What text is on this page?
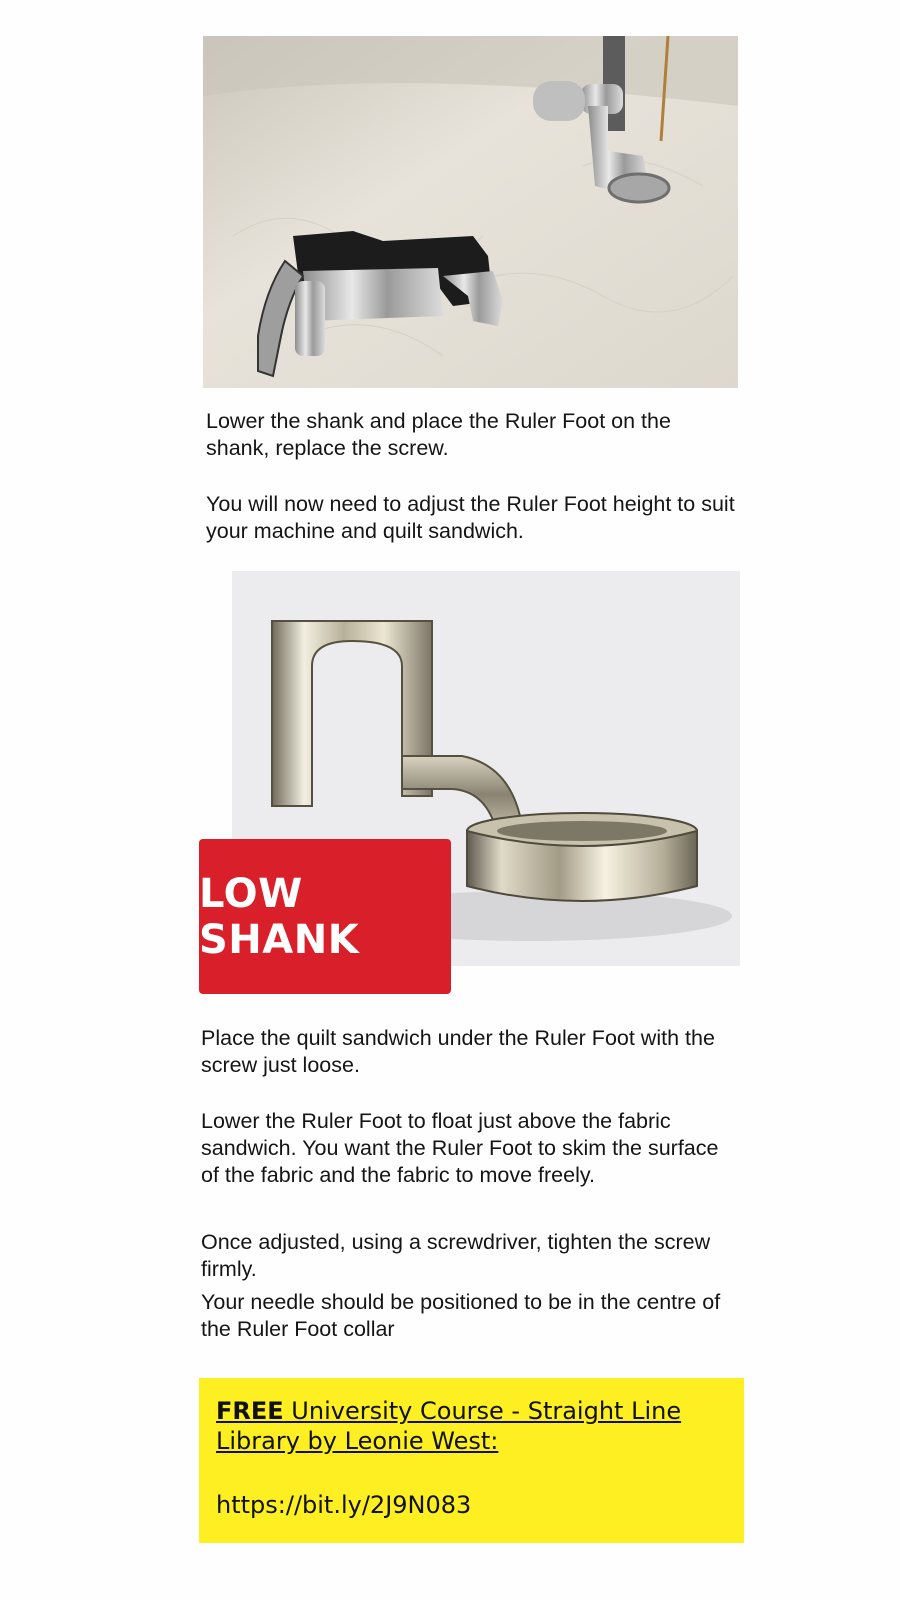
Lower the shank and place the Ruler Foot on the shank, replace the screw.

You will now need to adjust the Ruler Foot height to suit your machine and quilt sandwich.

LOW SHANK

Place the quilt sandwich under the Ruler Foot with the screw just loose.

Lower the Ruler Foot to float just above the fabric sandwich. You want the Ruler Foot to skim the surface of the fabric and the fabric to move freely.

Once adjusted, using a screwdriver, tighten the screw firmly.

Your needle should be positioned to be in the centre of the Ruler Foot collar

FREE University Course - Straight Line Library by Leonie West:
https://bit.ly/2J9N083
